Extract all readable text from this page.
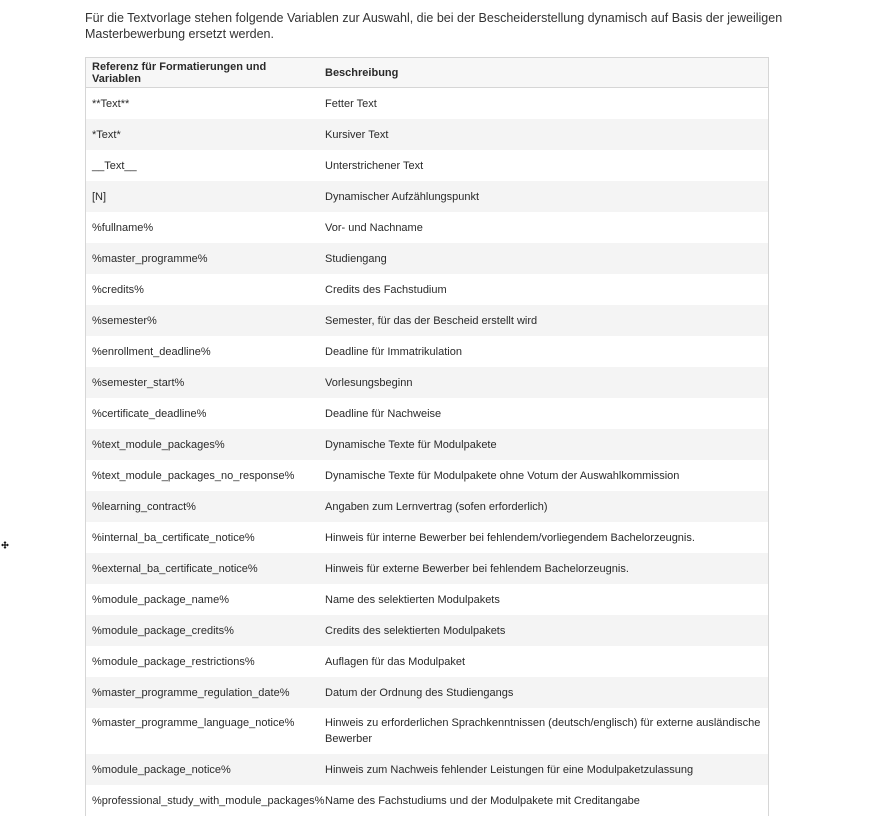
Für die Textvorlage stehen folgende Variablen zur Auswahl, die bei der Bescheiderstellung dynamisch auf Basis der jeweiligen Masterbewerbung ersetzt werden.

Referenz für Formatierungen und Variablen	Beschreibung
**Text**	Fetter Text
*Text*	Kursiver Text
__Text__	Unterstrichener Text
[N]	Dynamischer Aufzählungspunkt
%fullname%	Vor- und Nachname
%master_programme%	Studiengang
%credits%	Credits des Fachstudium
%semester%	Semester, für das der Bescheid erstellt wird
%enrollment_deadline%	Deadline für Immatrikulation
%semester_start%	Vorlesungsbeginn
%certificate_deadline%	Deadline für Nachweise
%text_module_packages%	Dynamische Texte für Modulpakete
%text_module_packages_no_response%	Dynamische Texte für Modulpakete ohne Votum der Auswahlkommission
%learning_contract%	Angaben zum Lernvertrag (sofen erforderlich)
%internal_ba_certificate_notice%	Hinweis für interne Bewerber bei fehlendem/vorliegendem Bachelorzeugnis.
%external_ba_certificate_notice%	Hinweis für externe Bewerber bei fehlendem Bachelorzeugnis.
%module_package_name%	Name des selektierten Modulpakets
%module_package_credits%	Credits des selektierten Modulpakets
%module_package_restrictions%	Auflagen für das Modulpaket
%master_programme_regulation_date%	Datum der Ordnung des Studiengangs
%master_programme_language_notice%	Hinweis zu erforderlichen Sprachkenntnissen (deutsch/englisch) für externe ausländische Bewerber
%module_package_notice%	Hinweis zum Nachweis fehlender Leistungen für eine Modulpaketzulassung
%professional_study_with_module_packages%	Name des Fachstudiums und der Modulpakete mit Creditangabe
